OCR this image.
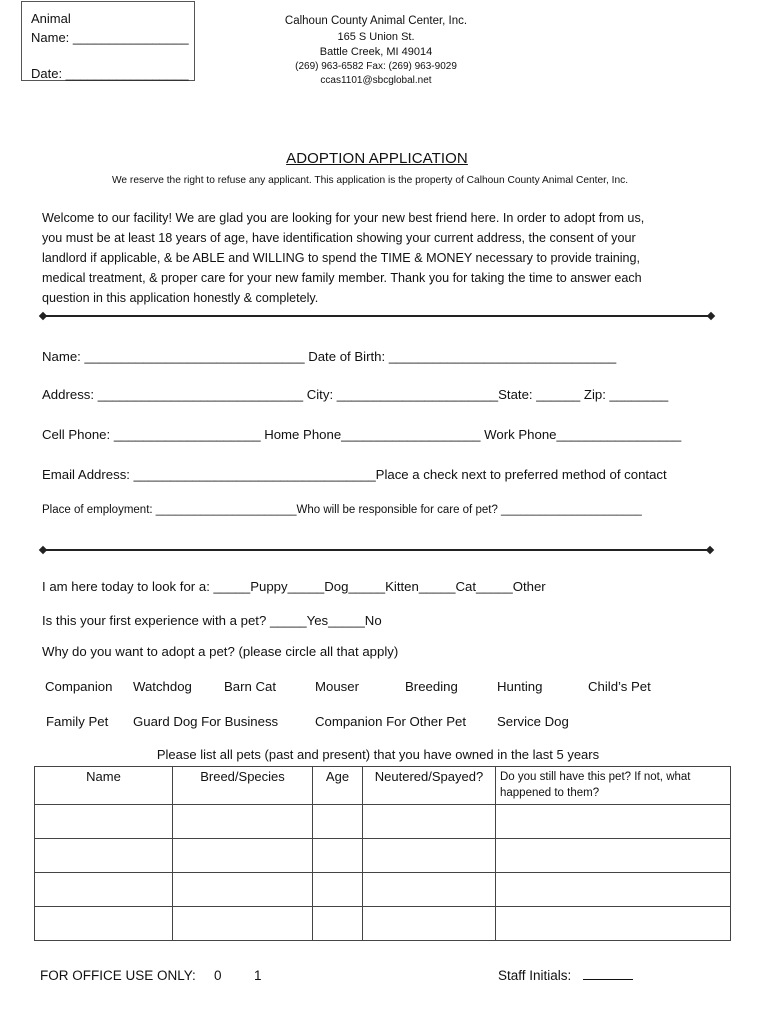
Animal
Name: ________________
Date: _________________
Calhoun County Animal Center, Inc.
165 S Union St.
Battle Creek, MI 49014
(269) 963-6582 Fax: (269) 963-9029
ccas1101@sbcglobal.net
ADOPTION APPLICATION
We reserve the right to refuse any applicant. This application is the property of Calhoun County Animal Center, Inc.
Welcome to our facility! We are glad you are looking for your new best friend here. In order to adopt from us,
you must be at least 18 years of age, have identification showing your current address, the consent of your
landlord if applicable, & be ABLE and WILLING to spend the TIME & MONEY necessary to provide training,
medical treatment, & proper care for your new family member. Thank you for taking the time to answer each
question in this application honestly & completely.
Name: ______________________________ Date of Birth: _______________________________
Address: ____________________________ City: ______________________State: ______ Zip: ________
Cell Phone: ____________________ Home Phone___________________ Work Phone_________________
Email Address: _________________________________Place a check next to preferred method of contact
Place of employment: ______________________Who will be responsible for care of pet? ______________________
I am here today to look for a: _____Puppy_____Dog_____Kitten_____Cat_____Other
Is this your first experience with a pet? _____Yes_____No
Why do you want to adopt a pet? (please circle all that apply)
Companion Watchdog Barn Cat	Mouser	Breeding	Hunting	Child’s Pet
Family Pet Guard Dog For Business	Companion For Other Pet Service Dog
Please list all pets (past and present) that you have owned in the last 5 years
Name	Breed/Species	Age	Neutered/Spayed?	Do you still have this pet? If not, what happened to them?

FOR OFFICE USE ONLY: 0 1	Staff Initials:
